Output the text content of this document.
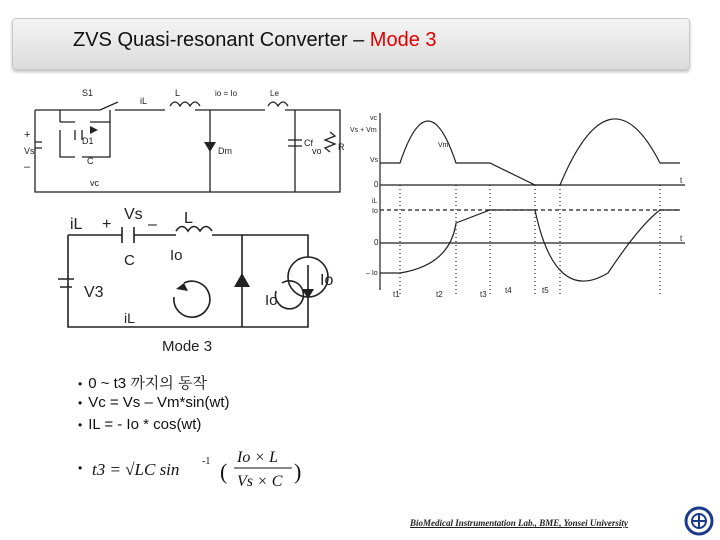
ZVS Quasi-resonant Converter – Mode 3
S1
iL
L	io = Io	Le
D1
C
Vs
vc
Dm
Cf
vo R
+
–
iL +
Vs
– L
C Io
V3
Io
Io
iL
Mode 3
vc
Vs + Vm
Vm
Vs
0	t
iL
Io
0	t
– Io
t1	t2	t3 t4	t5
• 0 ~ t3 까지의 동작
• Vc = Vs – Vm*sin(wt)
• IL = - Io * cos(wt)
• t3 = √LC sin -1 (
Io × L
Vs × C )
BioMedical Instrumentation Lab., BME, Yonsei University
